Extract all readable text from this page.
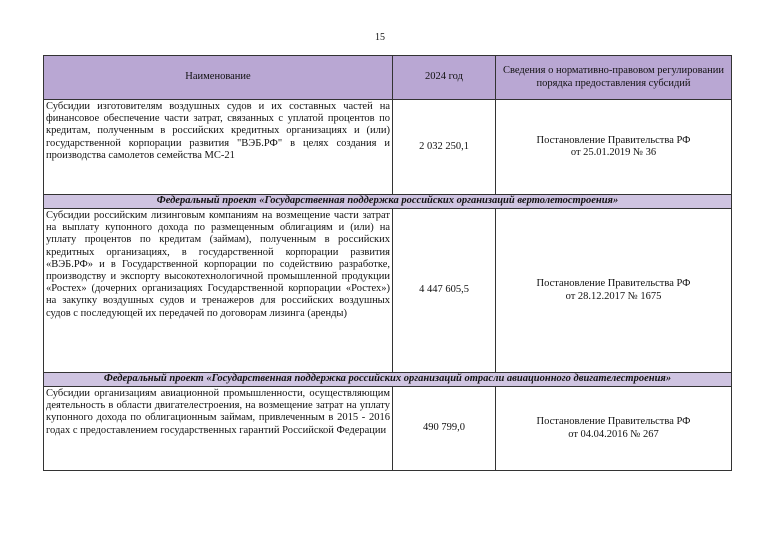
15
Наименование	2024 год	Сведения о нормативно-правовом регулировании порядка предоставления субсидий
Субсидии изготовителям воздушных судов и их составных частей на финансовое обеспечение части затрат, связанных с уплатой процентов по кредитам, полученным в российских кредитных организациях и (или) государственной корпорации развития "ВЭБ.РФ" в целях создания и производства самолетов семейства МС-21	2 032 250,1	Постановление Правительства РФ
от 25.01.2019 № 36

Федеральный проект «Государственная поддержка российских организаций вертолетостроения»		
Субсидии российским лизинговым компаниям на возмещение части затрат на выплату купонного дохода по размещенным облигациям и (или) на уплату процентов по кредитам (займам), полученным в российских кредитных организациях, в государственной корпорации развития «ВЭБ.РФ» и в Государственной корпорации по содействию разработке, производству и экспорту высокотехнологичной промышленной продукции «Ростех» (дочерних организациях Государственной корпорации «Ростех») на закупку воздушных судов и тренажеров для российских воздушных судов с последующей их передачей по договорам лизинга (аренды)	4 447 605,5	Постановление Правительства РФ
от 28.12.2017 № 1675

Федеральный проект «Государственная поддержка российских организаций отрасли авиационного двигателестроения»		
Субсидии организациям авиационной промышленности, осуществляющим деятельность в области двигателестроения, на возмещение затрат на уплату купонного дохода по облигационным займам, привлеченным в 2015 - 2016 годах с предоставлением государственных гарантий Российской Федерации	490 799,0	Постановление Правительства РФ
от 04.04.2016 № 267
